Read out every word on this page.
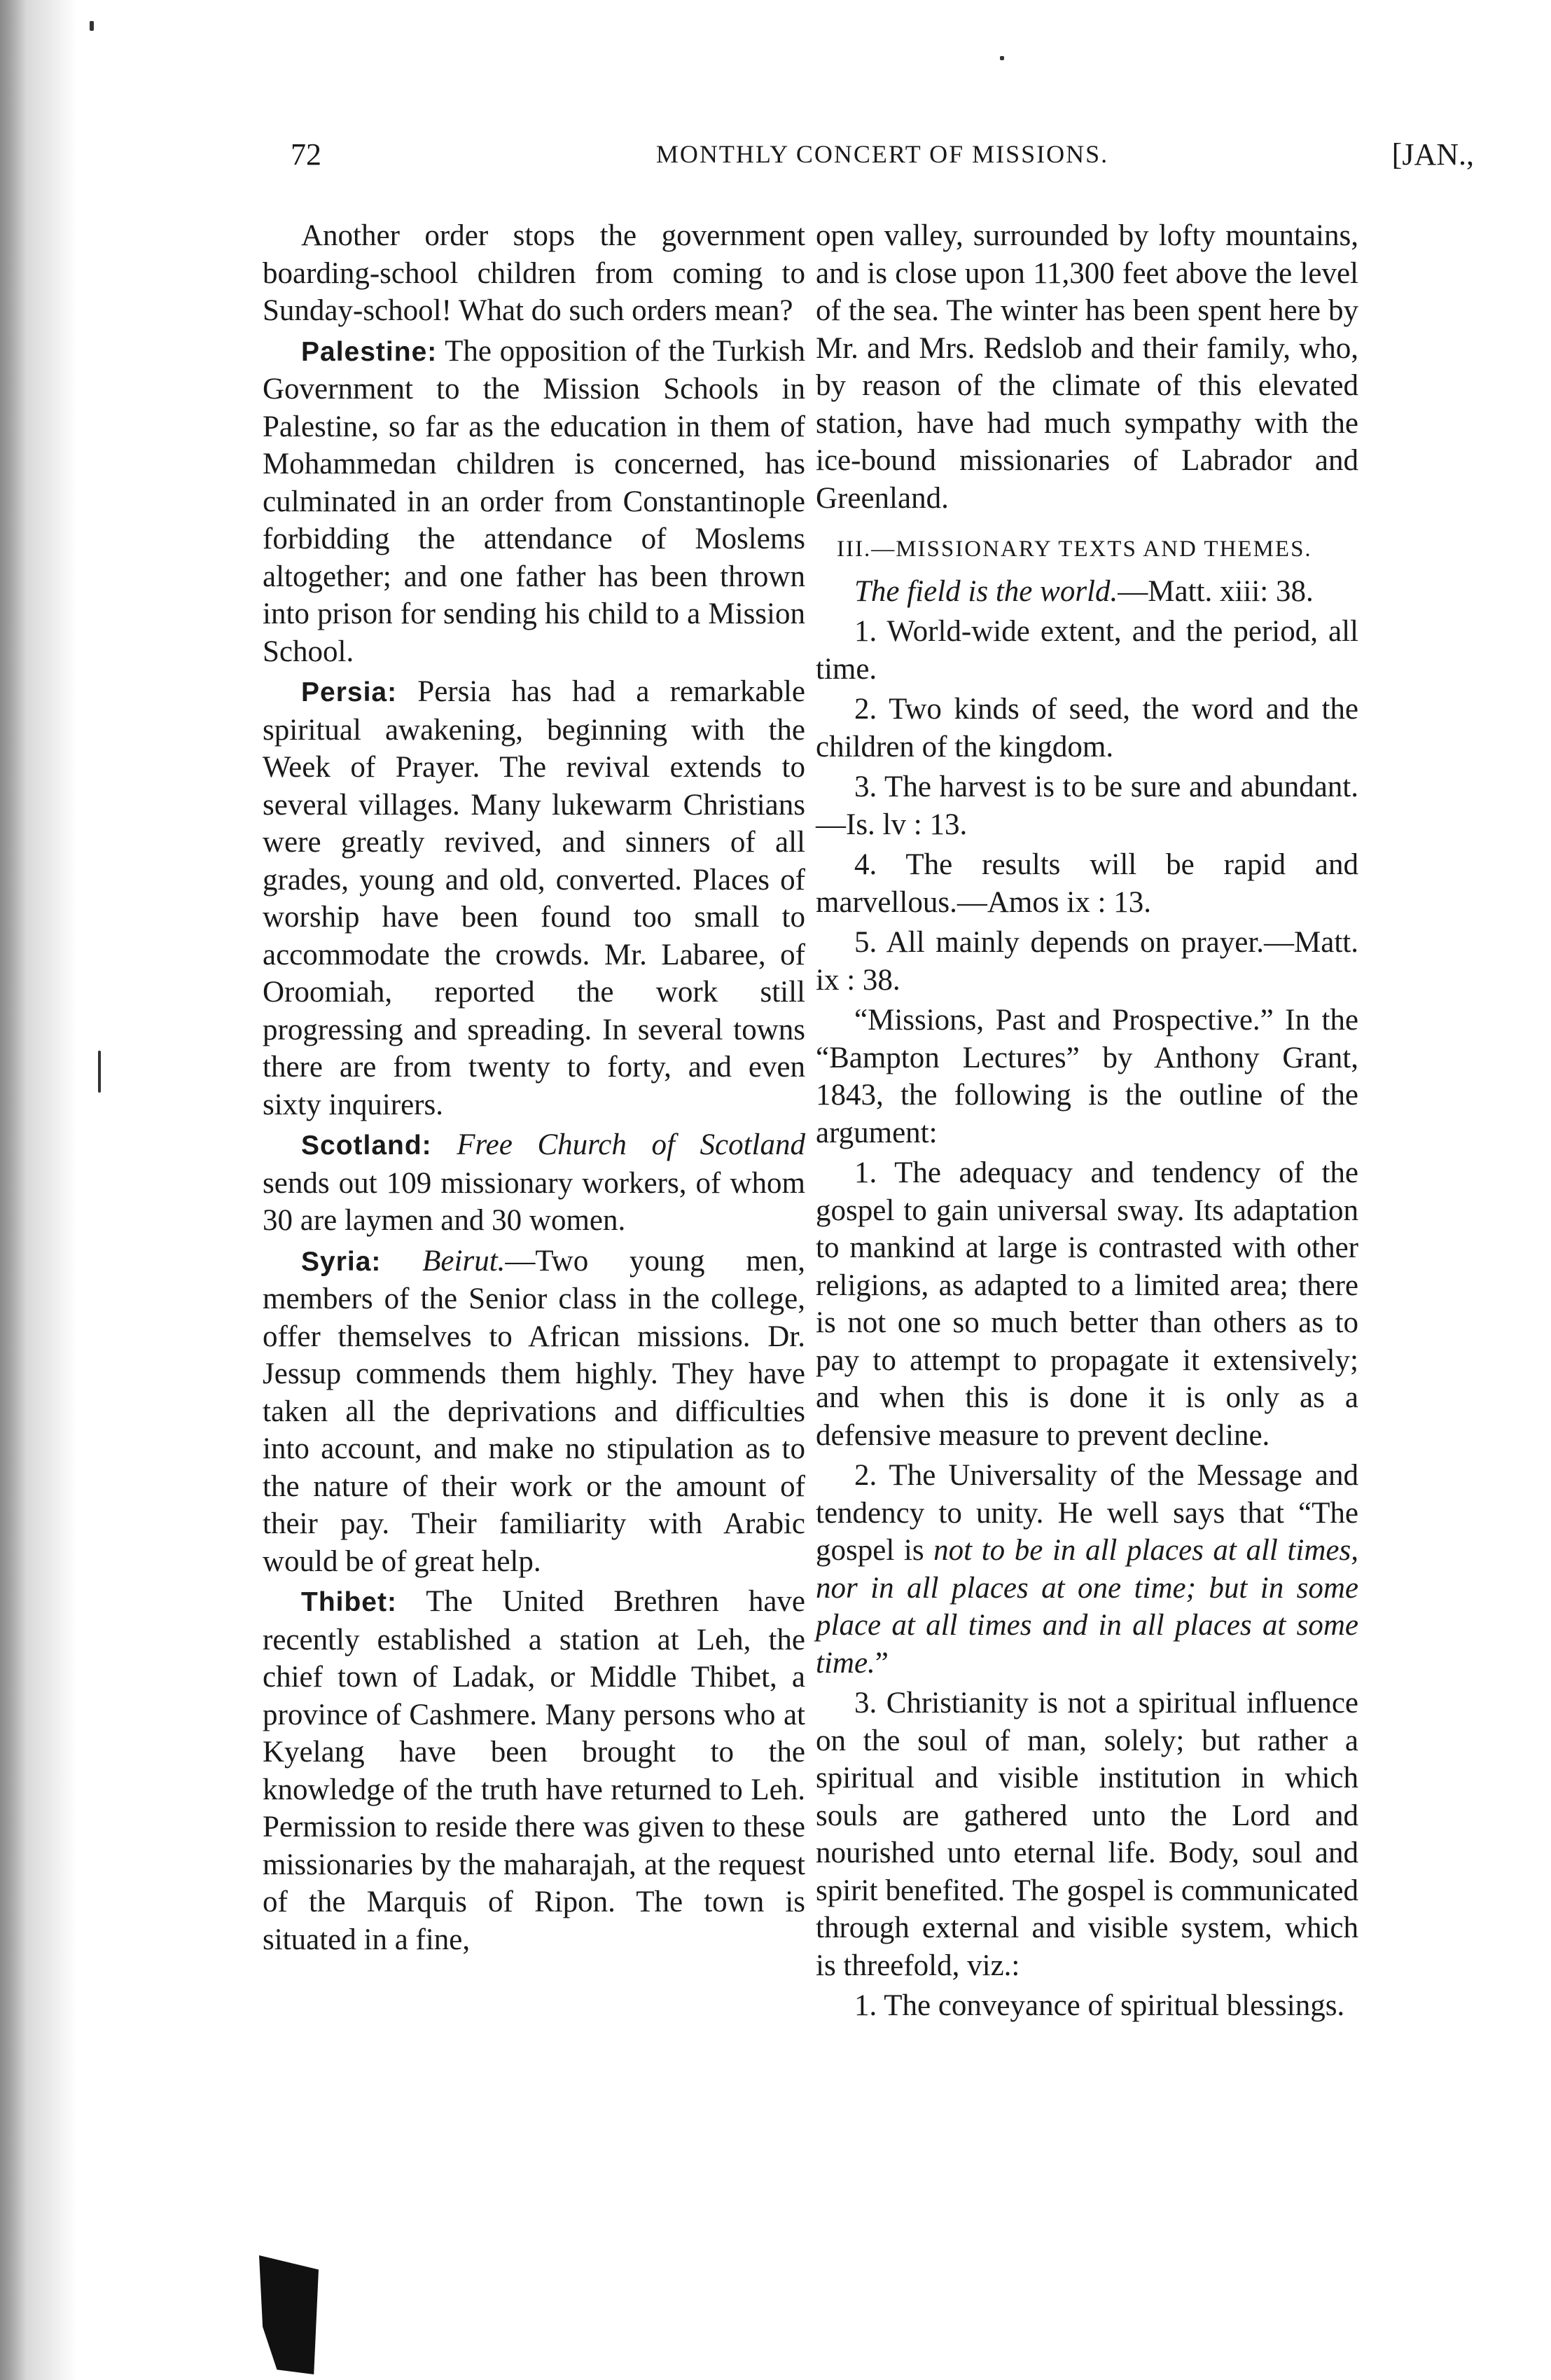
72	MONTHLY CONCERT OF MISSIONS.	[JAN.,

Another order stops the government boarding-school children from coming to Sunday-school! What do such orders mean?

Palestine: The opposition of the Turkish Government to the Mission Schools in Palestine, so far as the education in them of Mohammedan children is concerned, has culminated in an order from Constantinople forbidding the attendance of Moslems altogether; and one father has been thrown into prison for sending his child to a Mission School.

Persia: Persia has had a remarkable spiritual awakening, beginning with the Week of Prayer. The revival extends to several villages. Many lukewarm Christians were greatly revived, and sinners of all grades, young and old, converted. Places of worship have been found too small to accommodate the crowds. Mr. Labaree, of Oroomiah, reported the work still progressing and spreading. In several towns there are from twenty to forty, and even sixty inquirers.

Scotland: Free Church of Scotland sends out 109 missionary workers, of whom 30 are laymen and 30 women.

Syria: Beirut.—Two young men, members of the Senior class in the college, offer themselves to African missions. Dr. Jessup commends them highly. They have taken all the deprivations and difficulties into account, and make no stipulation as to the nature of their work or the amount of their pay. Their familiarity with Arabic would be of great help.

Thibet: The United Brethren have recently established a station at Leh, the chief town of Ladak, or Middle Thibet, a province of Cashmere. Many persons who at Kyelang have been brought to the knowledge of the truth have returned to Leh. Permission to reside there was given to these missionaries by the maharajah, at the request of the Marquis of Ripon. The town is situated in a fine,

open valley, surrounded by lofty mountains, and is close upon 11,300 feet above the level of the sea. The winter has been spent here by Mr. and Mrs. Redslob and their family, who, by reason of the climate of this elevated station, have had much sympathy with the ice-bound missionaries of Labrador and Greenland.

III.—MISSIONARY TEXTS AND THEMES.

The field is the world.—Matt. xiii: 38.

1. World-wide extent, and the period, all time.

2. Two kinds of seed, the word and the children of the kingdom.

3. The harvest is to be sure and abundant.—Is. lv : 13.

4. The results will be rapid and marvellous.—Amos ix : 13.

5. All mainly depends on prayer.—Matt. ix : 38.

“Missions, Past and Prospective.” In the “Bampton Lectures” by Anthony Grant, 1843, the following is the outline of the argument:

1. The adequacy and tendency of the gospel to gain universal sway. Its adaptation to mankind at large is contrasted with other religions, as adapted to a limited area; there is not one so much better than others as to pay to attempt to propagate it extensively; and when this is done it is only as a defensive measure to prevent decline.

2. The Universality of the Message and tendency to unity. He well says that “The gospel is not to be in all places at all times, nor in all places at one time; but in some place at all times and in all places at some time.”

3. Christianity is not a spiritual influence on the soul of man, solely; but rather a spiritual and visible institution in which souls are gathered unto the Lord and nourished unto eternal life. Body, soul and spirit benefited. The gospel is communicated through external and visible system, which is threefold, viz.:

1. The conveyance of spiritual blessings.
